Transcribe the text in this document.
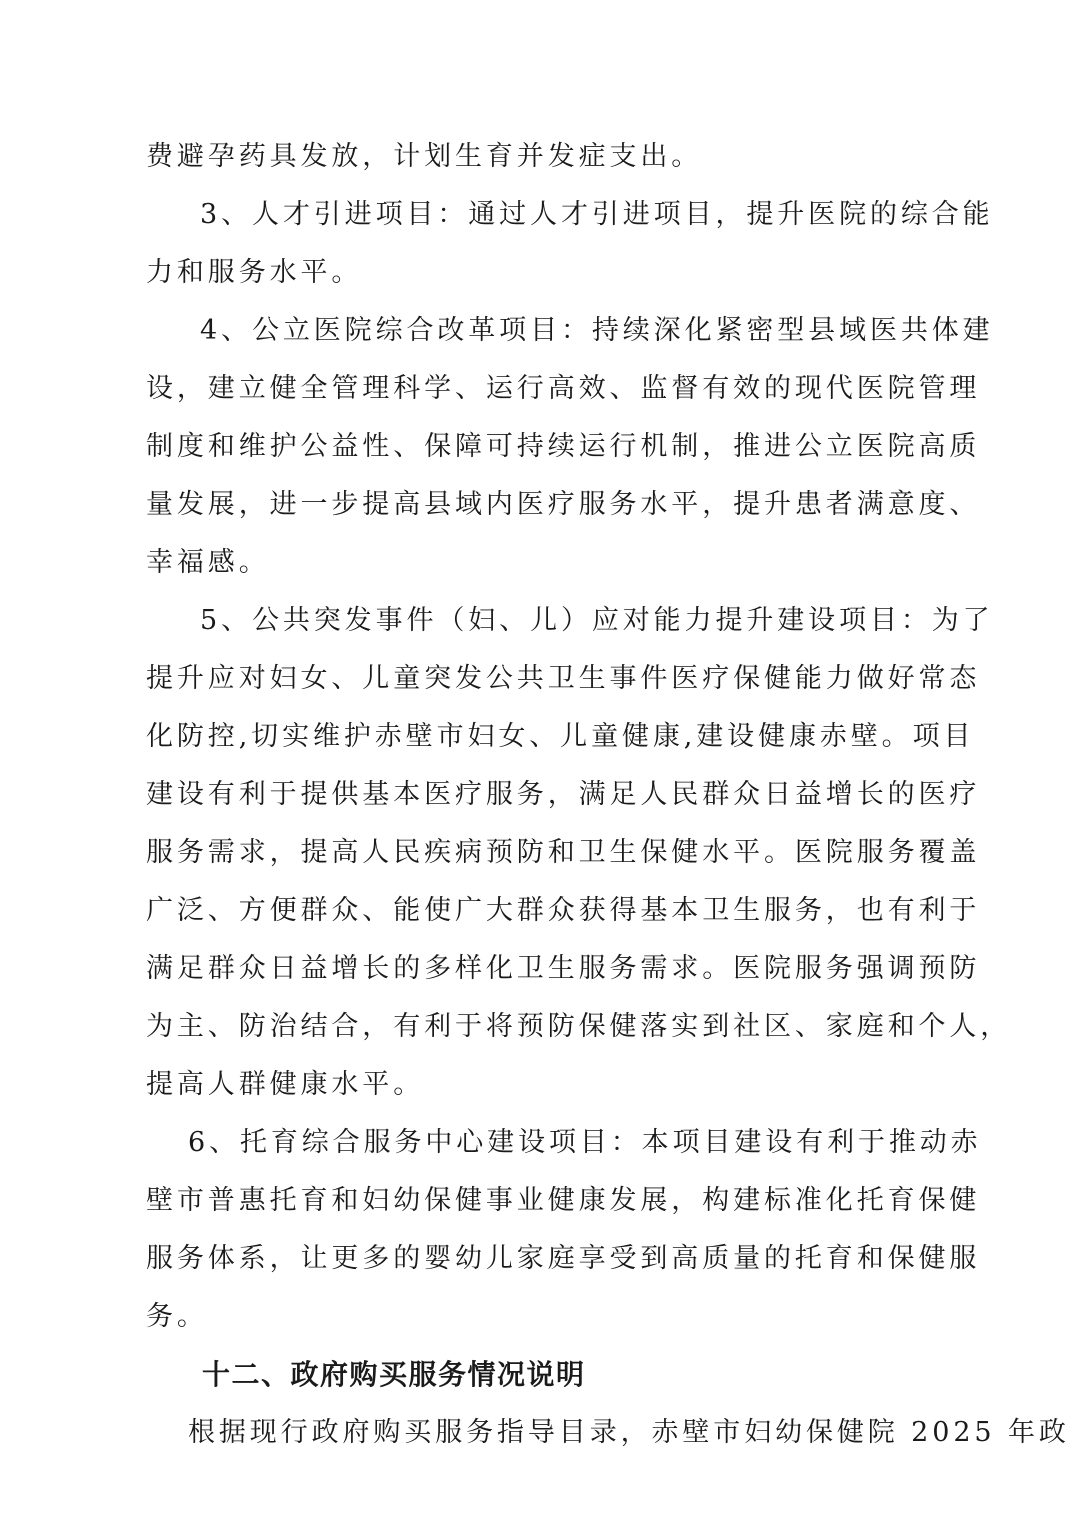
费避孕药具发放，计划生育并发症支出。
3、人才引进项目：通过人才引进项目，提升医院的综合能
力和服务水平。
4、公立医院综合改革项目：持续深化紧密型县域医共体建
设，建立健全管理科学、运行高效、监督有效的现代医院管理
制度和维护公益性、保障可持续运行机制，推进公立医院高质
量发展，进一步提高县域内医疗服务水平，提升患者满意度、
幸福感。
5、公共突发事件（妇、儿）应对能力提升建设项目：为了
提升应对妇女、儿童突发公共卫生事件医疗保健能力做好常态
化防控,切实维护赤壁市妇女、儿童健康,建设健康赤壁。项目
建设有利于提供基本医疗服务，满足人民群众日益增长的医疗
服务需求，提高人民疾病预防和卫生保健水平。医院服务覆盖
广泛、方便群众、能使广大群众获得基本卫生服务，也有利于
满足群众日益增长的多样化卫生服务需求。医院服务强调预防
为主、防治结合，有利于将预防保健落实到社区、家庭和个人，
提高人群健康水平。
6、托育综合服务中心建设项目：本项目建设有利于推动赤
壁市普惠托育和妇幼保健事业健康发展，构建标准化托育保健
服务体系，让更多的婴幼儿家庭享受到高质量的托育和保健服
务。
十二、政府购买服务情况说明
根据现行政府购买服务指导目录，赤壁市妇幼保健院 2025 年政
